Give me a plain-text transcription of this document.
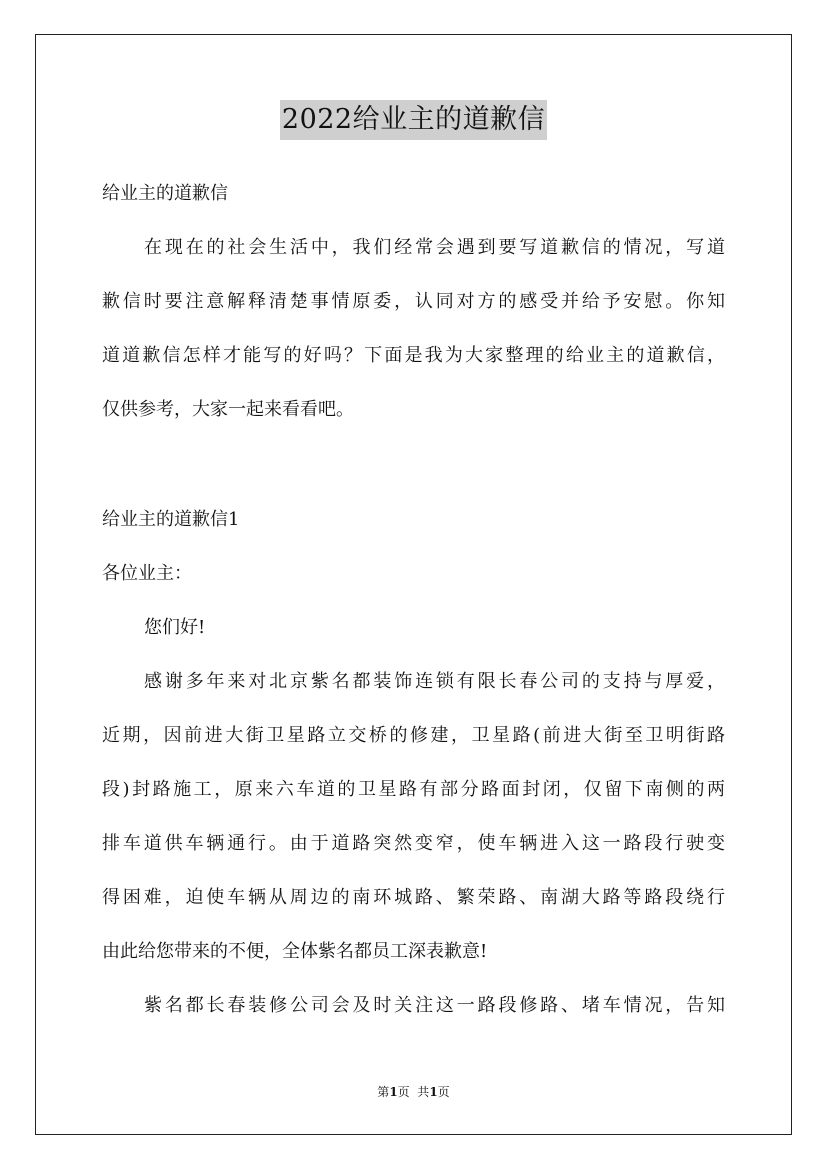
2022给业主的道歉信
给业主的道歉信
在现在的社会生活中，我们经常会遇到要写道歉信的情况，写道
歉信时要注意解释清楚事情原委，认同对方的感受并给予安慰。你知
道道歉信怎样才能写的好吗？下面是我为大家整理的给业主的道歉信，
仅供参考，大家一起来看看吧。
给业主的道歉信1
各位业主：
您们好!
感谢多年来对北京紫名都装饰连锁有限长春公司的支持与厚爱，
近期，因前进大街卫星路立交桥的修建，卫星路(前进大街至卫明街路
段)封路施工，原来六车道的卫星路有部分路面封闭，仅留下南侧的两
排车道供车辆通行。由于道路突然变窄，使车辆进入这一路段行驶变
得困难，迫使车辆从周边的南环城路、繁荣路、南湖大路等路段绕行
由此给您带来的不便，全体紫名都员工深表歉意!
紫名都长春装修公司会及时关注这一路段修路、堵车情况，告知
第1页  共1页
